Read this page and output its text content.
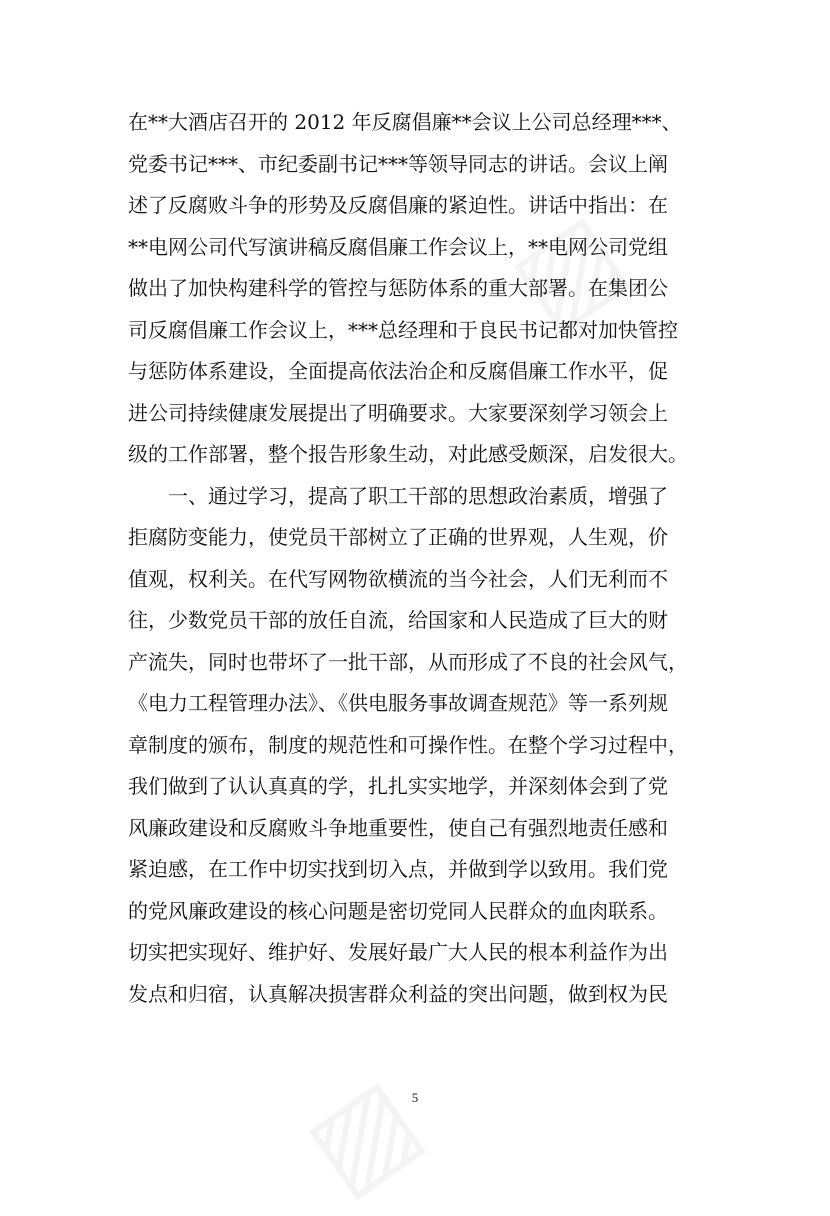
在**大酒店召开的 2012 年反腐倡廉**会议上公司总经理***、
党委书记***、市纪委副书记***等领导同志的讲话。会议上阐
述了反腐败斗争的形势及反腐倡廉的紧迫性。讲话中指出：在
**电网公司代写演讲稿反腐倡廉工作会议上，**电网公司党组
做出了加快构建科学的管控与惩防体系的重大部署。在集团公
司反腐倡廉工作会议上，***总经理和于良民书记都对加快管控
与惩防体系建设，全面提高依法治企和反腐倡廉工作水平，促
进公司持续健康发展提出了明确要求。大家要深刻学习领会上
级的工作部署，整个报告形象生动，对此感受颇深，启发很大。
　　一、通过学习，提高了职工干部的思想政治素质，增强了
拒腐防变能力，使党员干部树立了正确的世界观，人生观，价
值观，权利关。在代写网物欲横流的当今社会，人们无利而不
往，少数党员干部的放任自流，给国家和人民造成了巨大的财
产流失，同时也带坏了一批干部，从而形成了不良的社会风气，
《电力工程管理办法》、《供电服务事故调查规范》等一系列规
章制度的颁布，制度的规范性和可操作性。在整个学习过程中，
我们做到了认认真真的学，扎扎实实地学，并深刻体会到了党
风廉政建设和反腐败斗争地重要性，使自己有强烈地责任感和
紧迫感，在工作中切实找到切入点，并做到学以致用。我们党
的党风廉政建设的核心问题是密切党同人民群众的血肉联系。
切实把实现好、维护好、发展好最广大人民的根本利益作为出
发点和归宿，认真解决损害群众利益的突出问题，做到权为民
5
